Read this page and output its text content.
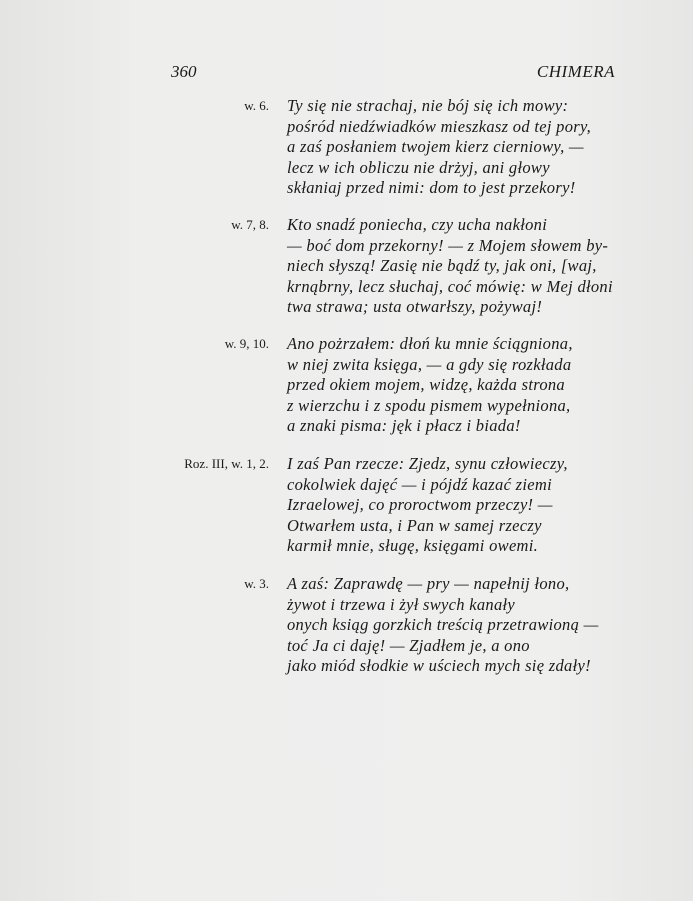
360	CHIMERA
w. 6. Ty się nie strachaj, nie bój się ich mowy:
pośród niedźwiadków mieszkasz od tej pory,
a zaś posłaniem twojem kierz cierniowy, —
lecz w ich obliczu nie drżyj, ani głowy
skłaniaj przed nimi: dom to jest przekory!
w. 7, 8. Kto snadź poniecha, czy ucha nakłoni
— boć dom przekorny! — z Mojem słowem by-
niech słyszą! Zasię nie bądź ty, jak oni, [waj,
krnąbrny, lecz słuchaj, coć mówię: w Mej dłoni
twa strawa; usta otwarłszy, pożywaj!
w. 9, 10. Ano pożrzałem: dłoń ku mnie ściągniona,
w niej zwita księga, — a gdy się rozkłada
przed okiem mojem, widzę, każda strona
z wierzchu i z spodu pismem wypełniona,
a znaki pisma: jęk i płacz i biada!
Roz. III, w. 1, 2. I zaś Pan rzecze: Zjedz, synu człowieczy,
cokolwiek dajęć — i pójdź kazać ziemi
Izraelowej, co proroctwom przeczy! —
Otwarłem usta, i Pan w samej rzeczy
karmił mnie, sługę, księgami owemi.
w. 3. A zaś: Zaprawdę — pry — napełnij łono,
żywot i trzewa i żył swych kanały
onych ksiąg gorzkich treścią przetrawioną —
toć Ja ci daję! — Zjadłem je, a ono
jako miód słodkie w uściech mych się zdały!
